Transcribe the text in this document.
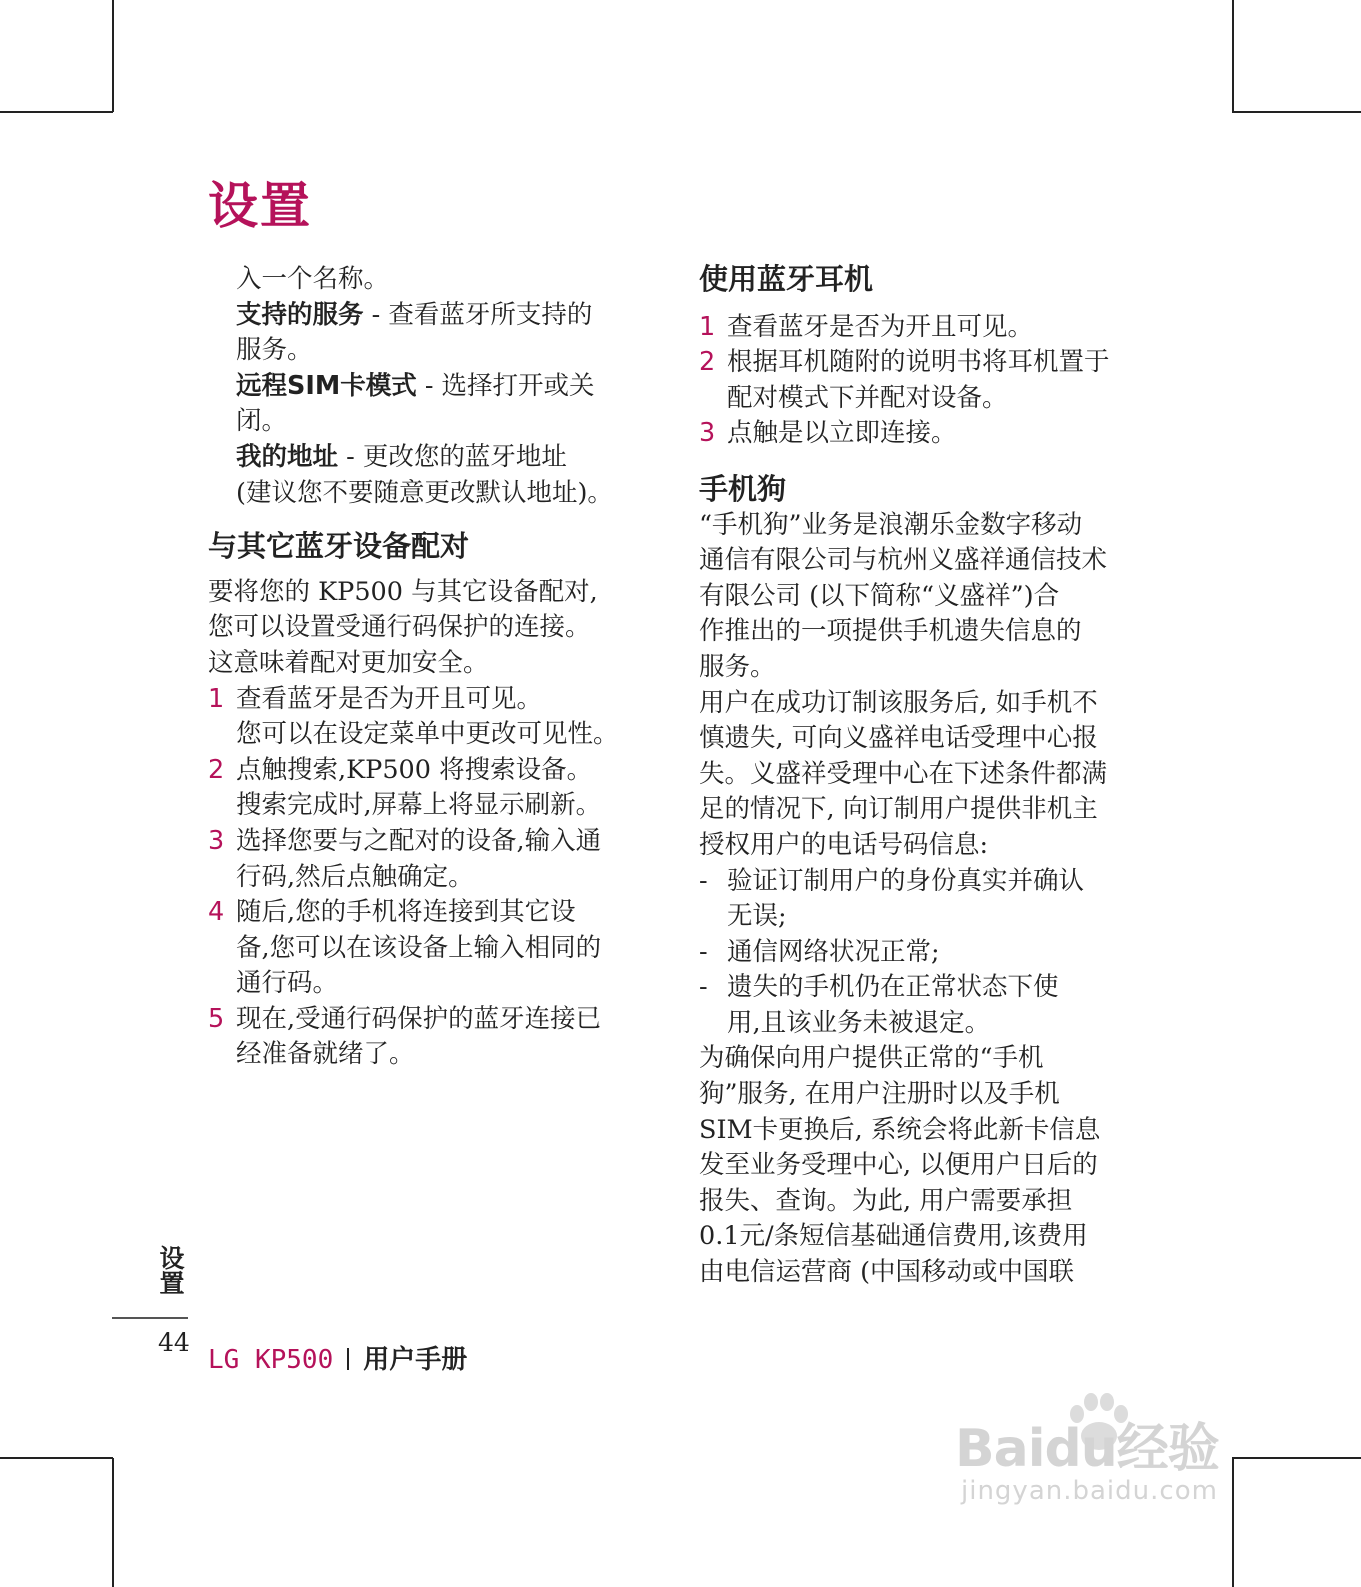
设置
入一个名称。
支持的服务 - 查看蓝牙所支持的
服务。
远程SIM卡模式 - 选择打开或关
闭。
我的地址 - 更改您的蓝牙地址
(建议您不要随意更改默认地址)。
与其它蓝牙设备配对
要将您的 KP500 与其它设备配对,
您可以设置受通行码保护的连接。
这意味着配对更加安全。
1 查看蓝牙是否为开且可见。
您可以在设定菜单中更改可见性。
2 点触搜索,KP500 将搜索设备。
搜索完成时,屏幕上将显示刷新。
3 选择您要与之配对的设备,输入通
行码,然后点触确定。
4 随后,您的手机将连接到其它设
备,您可以在该设备上输入相同的
通行码。
5 现在,受通行码保护的蓝牙连接已
经准备就绪了。
使用蓝牙耳机
1 查看蓝牙是否为开且可见。
2 根据耳机随附的说明书将耳机置于
配对模式下并配对设备。
3 点触是以立即连接。
手机狗
“手机狗”业务是浪潮乐金数字移动
通信有限公司与杭州义盛祥通信技术
有限公司 (以下简称“义盛祥”)合
作推出的一项提供手机遗失信息的
服务。
用户在成功订制该服务后, 如手机不
慎遗失, 可向义盛祥电话受理中心报
失。义盛祥受理中心在下述条件都满
足的情况下, 向订制用户提供非机主
授权用户的电话号码信息:
- 验证订制用户的身份真实并确认
无误;
- 通信网络状况正常;
- 遗失的手机仍在正常状态下使
用,且该业务未被退定。
为确保向用户提供正常的“手机
狗”服务, 在用户注册时以及手机
SIM卡更换后, 系统会将此新卡信息
发至业务受理中心, 以便用户日后的
报失、查询。为此, 用户需要承担
0.1元/条短信基础通信费用,该费用
由电信运营商 (中国移动或中国联
设置
44
LG KP500 用户手册
Baidu经验
jingyan.baidu.com
